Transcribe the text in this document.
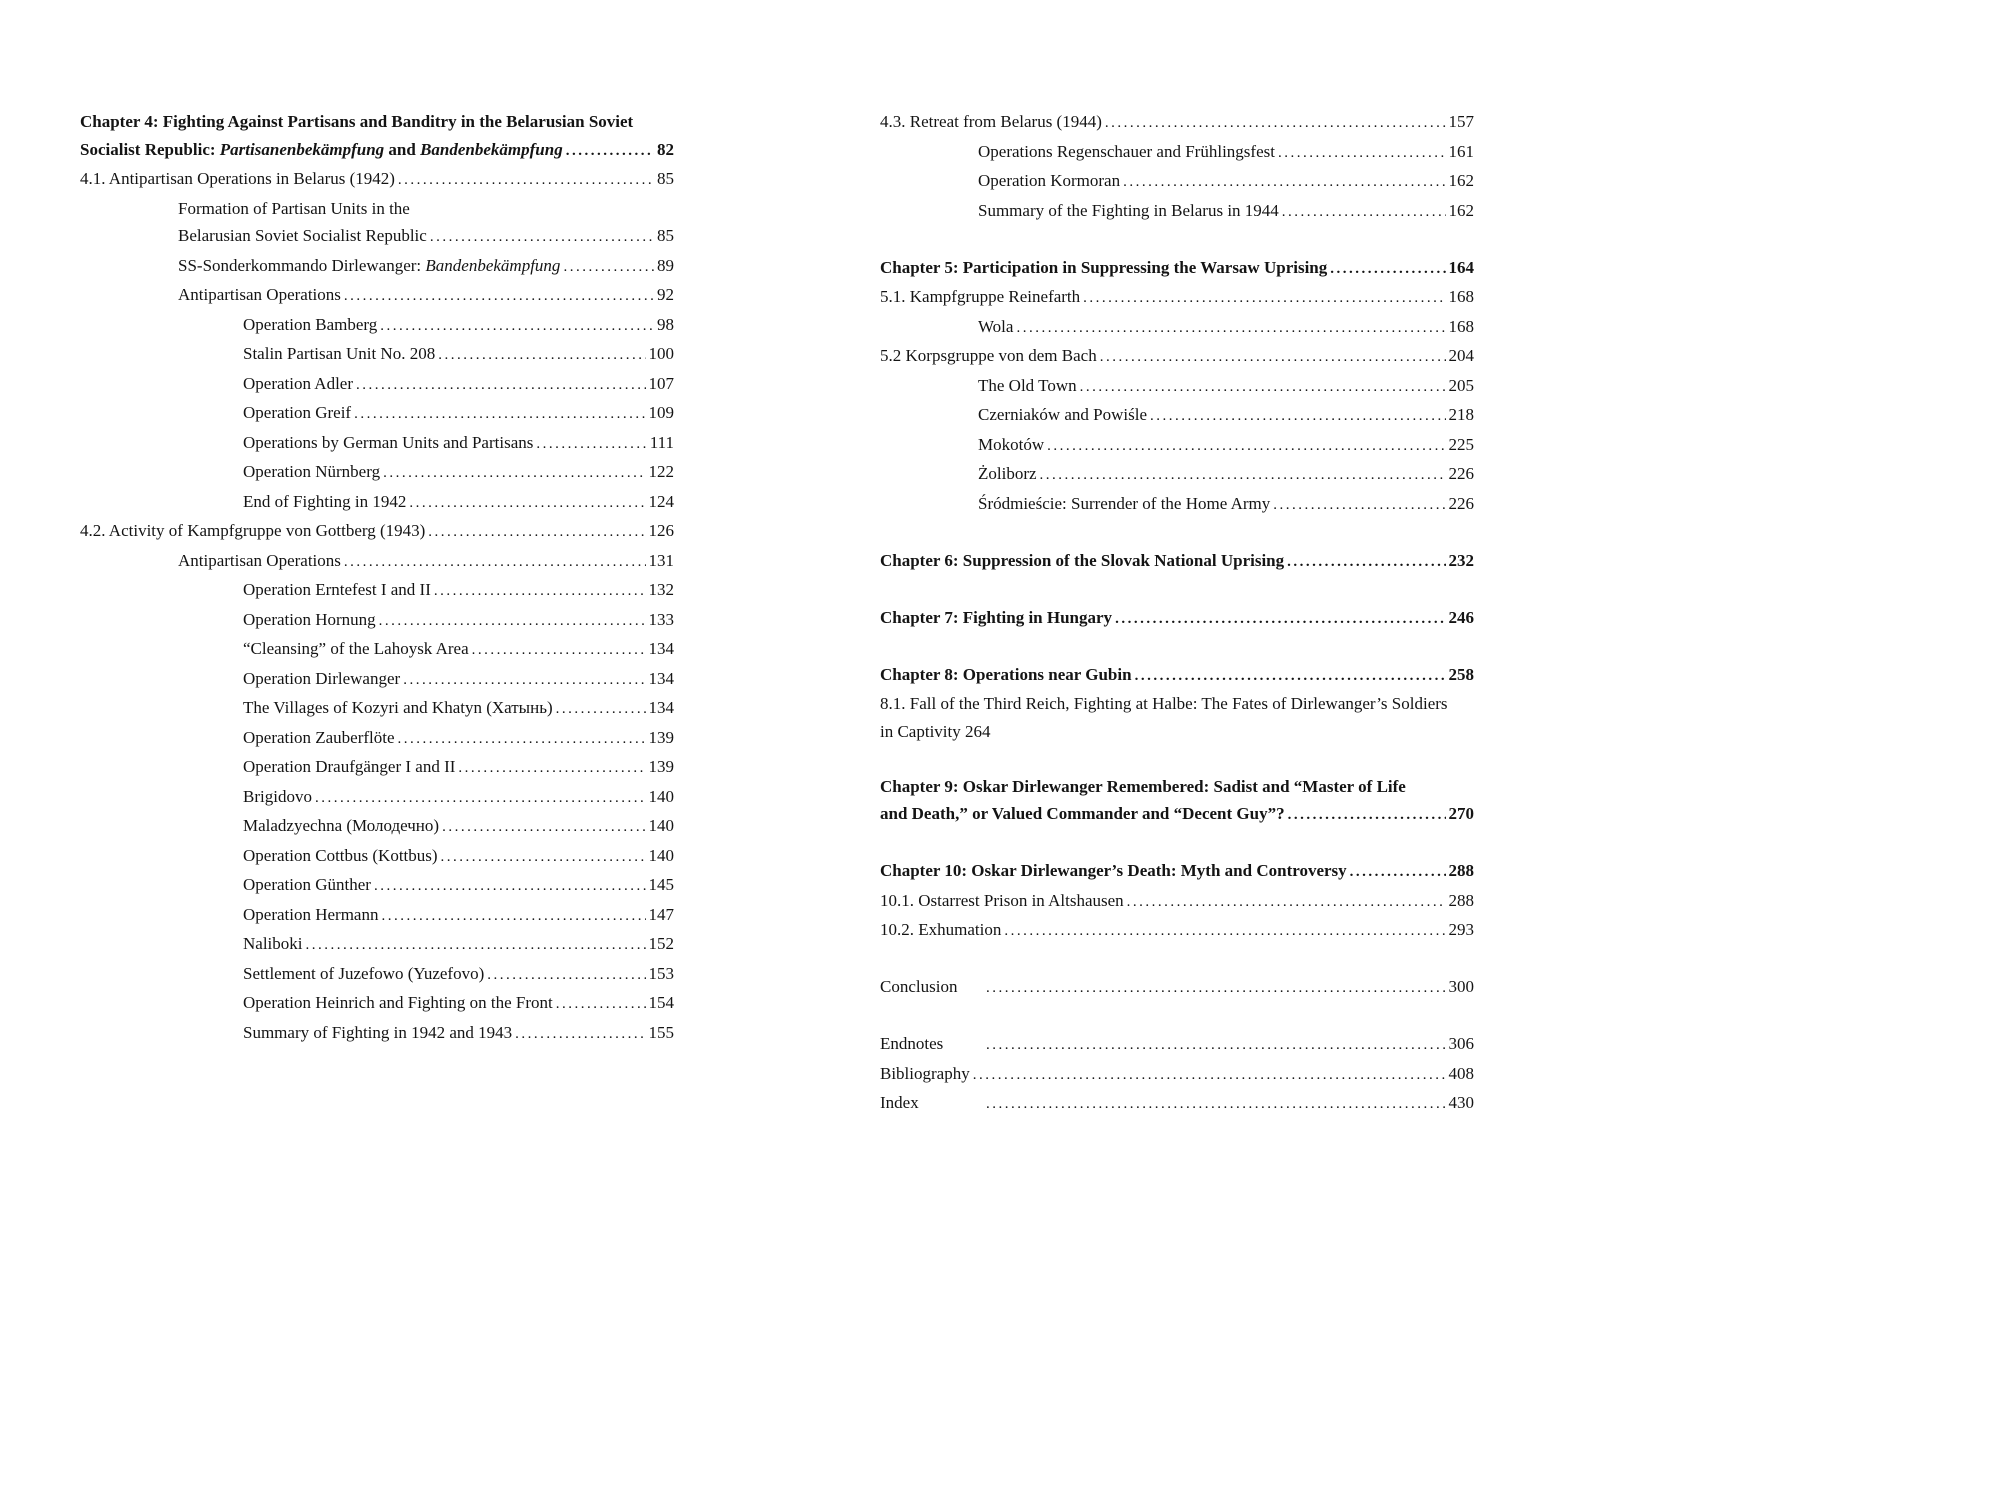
Chapter 4: Fighting Against Partisans and Banditry in the Belarusian Soviet
Socialist Republic: Partisanenbekämpfung and Bandenbekämpfung .....	82
4.1. Antipartisan Operations in Belarus (1942) .....	85
Formation of Partisan Units in the
Belarusian Soviet Socialist Republic .....	85
SS-Sonderkommando Dirlewanger: Bandenbekämpfung .....	89
Antipartisan Operations .....	92
Operation Bamberg .....	98
Stalin Partisan Unit No. 208 .....	100
Operation Adler .....	107
Operation Greif .....	109
Operations by German Units and Partisans .....	111
Operation Nürnberg .....	122
End of Fighting in 1942 .....	124
4.2. Activity of Kampfgruppe von Gottberg (1943) .....	126
Antipartisan Operations .....	131
Operation Erntefest I and II .....	132
Operation Hornung .....	133
“Cleansing” of the Lahoysk Area .....	134
Operation Dirlewanger .....	134
The Villages of Kozyri and Khatyn (Хатынь) .....	134
Operation Zauberflöte .....	139
Operation Draufgänger I and II .....	139
Brigidovo .....	140
Maladzyechna (Молодечно) .....	140
Operation Cottbus (Kottbus) .....	140
Operation Günther .....	145
Operation Hermann .....	147
Naliboki .....	152
Settlement of Juzefowo (Yuzefovo) .....	153
Operation Heinrich and Fighting on the Front .....	154
Summary of Fighting in 1942 and 1943 .....	155
4.3. Retreat from Belarus (1944) .....	157
Operations Regenschauer and Frühlingsfest .....	161
Operation Kormoran .....	162
Summary of the Fighting in Belarus in 1944 .....	162
Chapter 5: Participation in Suppressing the Warsaw Uprising .....	164
5.1. Kampfgruppe Reinefarth .....	168
Wola .....	168
5.2 Korpsgruppe von dem Bach .....	204
The Old Town .....	205
Czerniaków and Powiśle .....	218
Mokotów .....	225
Żoliborz .....	226
Śródmieście: Surrender of the Home Army .....	226
Chapter 6: Suppression of the Slovak National Uprising .....	232
Chapter 7: Fighting in Hungary .....	246
Chapter 8: Operations near Gubin .....	258
8.1. Fall of the Third Reich, Fighting at Halbe: The Fates of Dirlewanger’s Soldiers
in Captivity 264
Chapter 9: Oskar Dirlewanger Remembered: Sadist and “Master of Life
and Death,” or Valued Commander and “Decent Guy”? .....	270
Chapter 10: Oskar Dirlewanger’s Death: Myth and Controversy .....	288
10.1. Ostarrest Prison in Altshausen .....	288
10.2. Exhumation .....	293
Conclusion .....	300
Endnotes .....	306
Bibliography .....	408
Index .....	430
